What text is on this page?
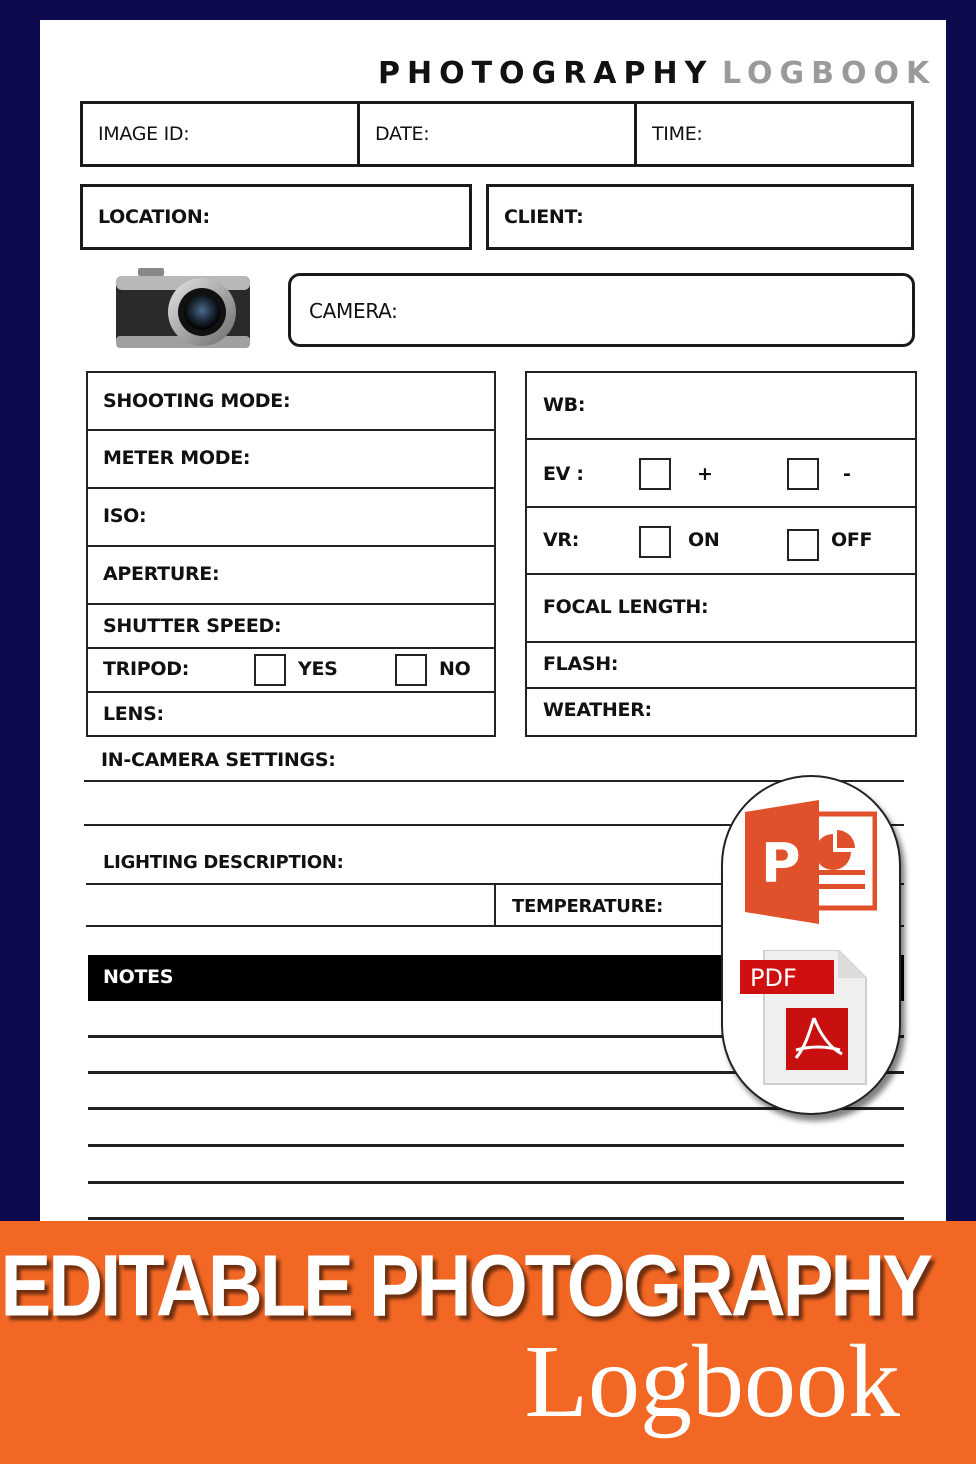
PHOTOGRAPHY LOGBOOK
IMAGE ID:	DATE:	TIME:
LOCATION:	CLIENT:
CAMERA:
SHOOTING MODE:
METER MODE:
ISO:
APERTURE:
SHUTTER SPEED:
TRIPOD:	YES	NO
LENS:
WB:
EV :	+	-
VR:	ON	OFF
FOCAL LENGTH:
FLASH:
WEATHER:
IN-CAMERA SETTINGS:
LIGHTING DESCRIPTION:
TEMPERATURE:
NOTES
P
PDF
EDITABLE PHOTOGRAPHY
Logbook
